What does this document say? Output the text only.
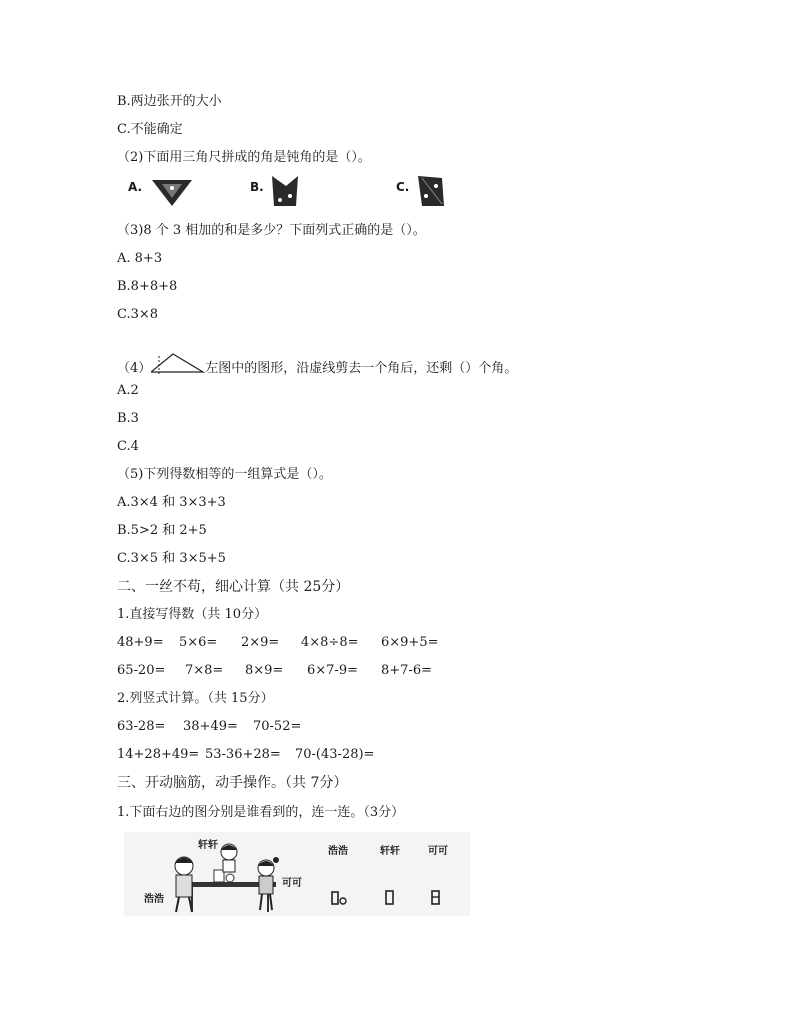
B.两边张开的大小
C.不能确定
（2)下面用三角尺拼成的角是钝角的是（）。
A.	B.	C.
（3)8 个 3 相加的和是多少？下面列式正确的是（）。
A. 8+3
B.8+8+8
C.3×8
（4）	左图中的图形，沿虚线剪去一个角后，还剩（）个角。
A.2
B.3
C.4
（5)下列得数相等的一组算式是（）。
A.3×4 和 3×3+3
B.5>2 和 2+5
C.3×5 和 3×5+5
二、一丝不苟，细心计算（共 25分）
1.直接写得数（共 10分）
48+9= 5×6= 2×9= 4×8÷8= 6×9+5=
65-20= 7×8= 8×9= 6×7-9= 8+7-6=
2.列竖式计算。（共 15分）
63-28= 38+49= 70-52=
14+28+49= 53-36+28= 70-(43-28)=
三、开动脑筋，动手操作。（共 7分）
1.下面右边的图分别是谁看到的，连一连。（3分）
轩轩
浩浩
可可
浩浩	轩轩	可可
